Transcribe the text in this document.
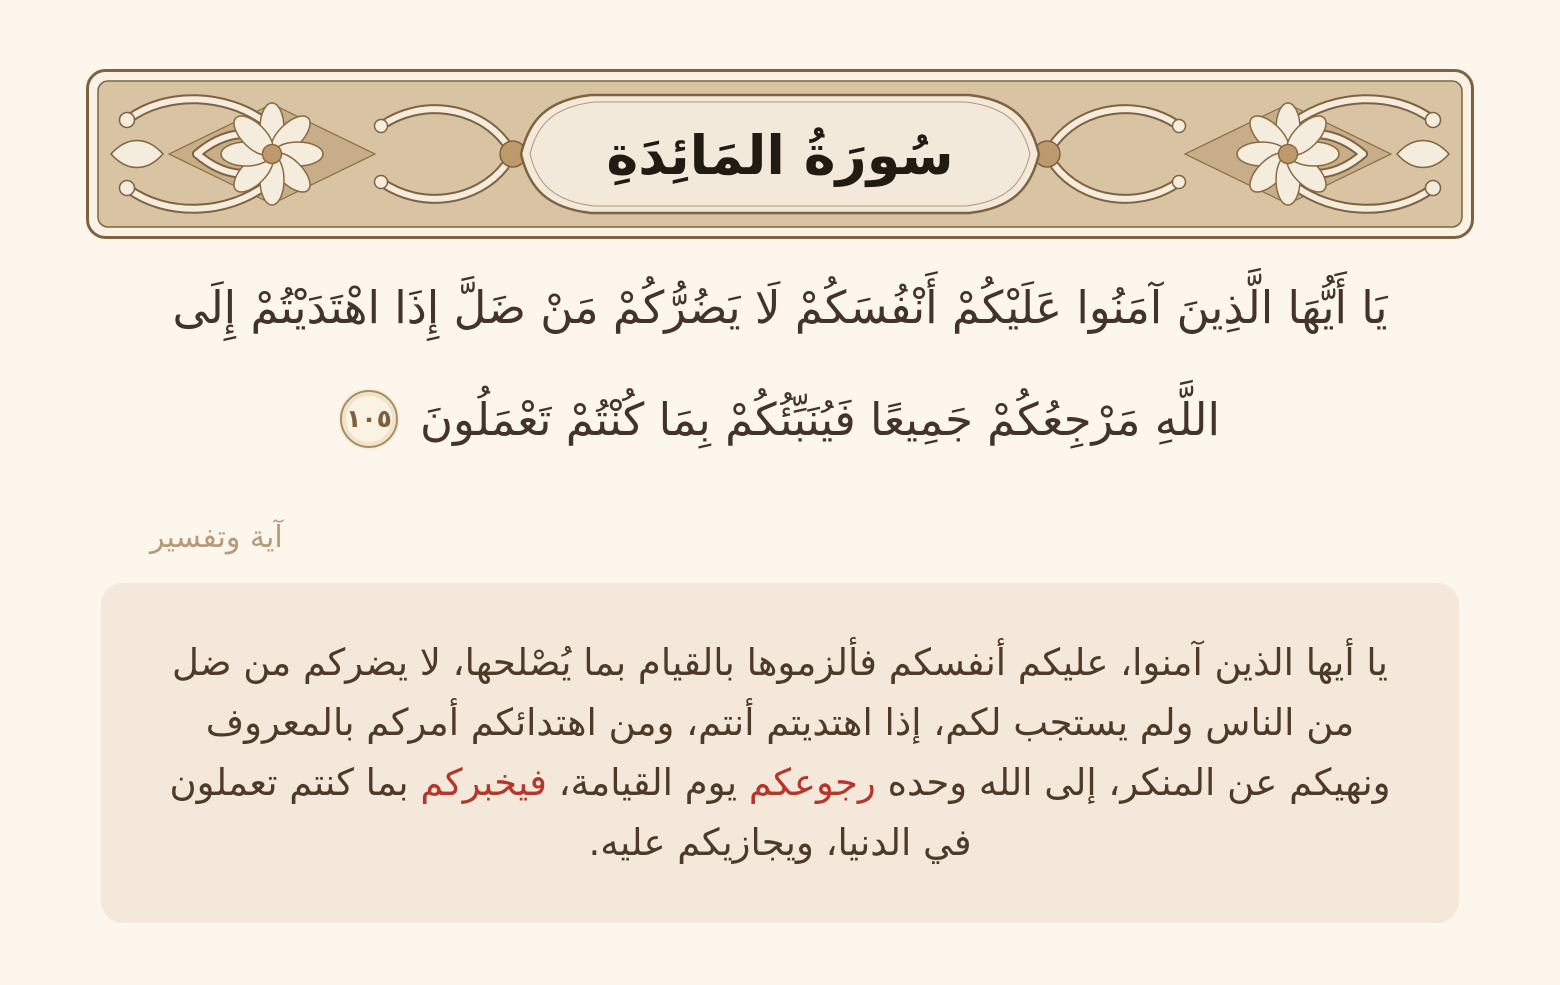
سُورَةُ المَائِدَةِ
يَا أَيُّهَا الَّذِينَ آمَنُوا عَلَيْكُمْ أَنْفُسَكُمْ لَا يَضُرُّكُمْ مَنْ ضَلَّ إِذَا اهْتَدَيْتُمْ إِلَى
اللَّهِ مَرْجِعُكُمْ جَمِيعًا فَيُنَبِّئُكُمْ بِمَا كُنْتُمْ تَعْمَلُونَ
١٠٥
آية وتفسير

يا أيها الذين آمنوا، عليكم أنفسكم فألزموها بالقيام بما يُصْلحها، لا يضركم من ضل من الناس ولم يستجب لكم، إذا اهتديتم أنتم، ومن اهتدائكم أمركم بالمعروف ونهيكم عن المنكر، إلى الله وحده رجوعكم يوم القيامة، فيخبركم بما كنتم تعملون في الدنيا، ويجازيكم عليه.
